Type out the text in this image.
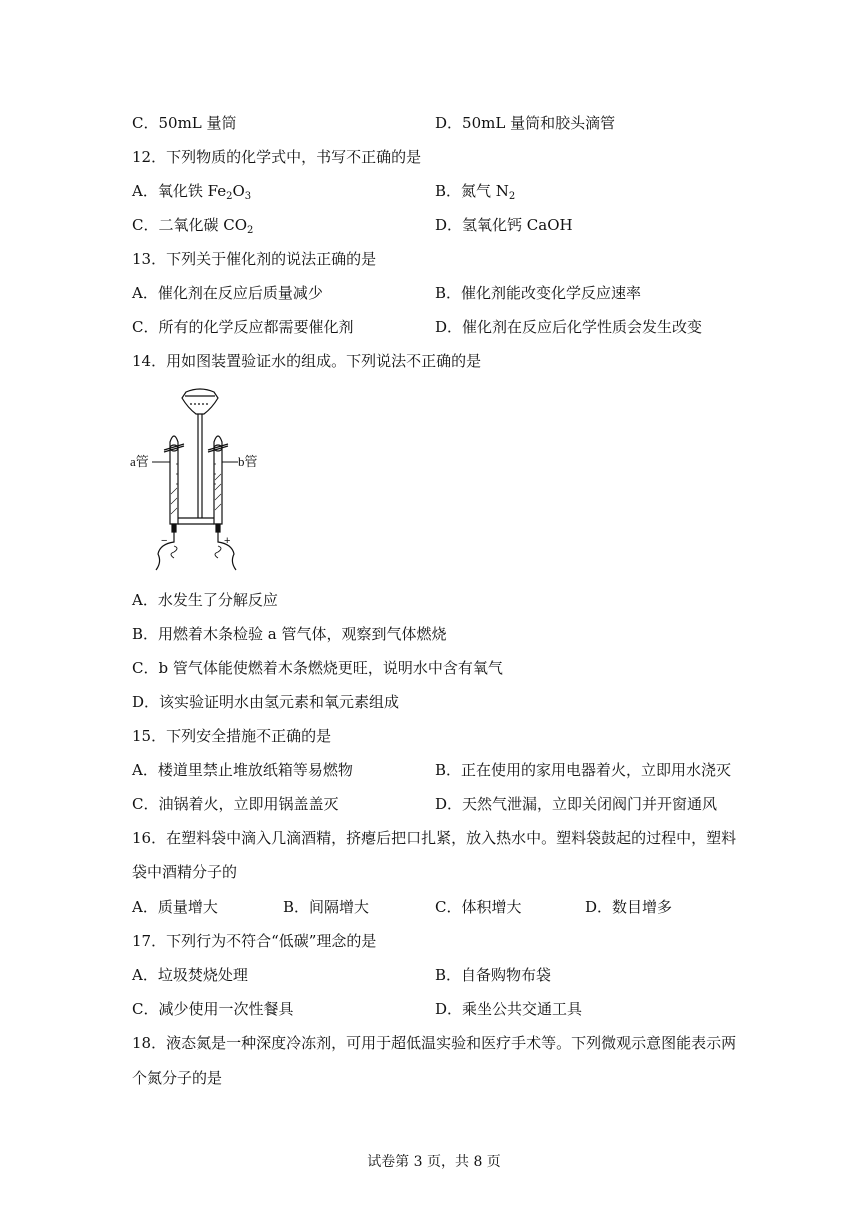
C．50mL 量筒	D．50mL 量筒和胶头滴管
12．下列物质的化学式中，书写不正确的是
A．氧化铁 $Fe_2O_3$	B．氮气 $N_2$
C．二氧化碳 $CO_2$	D．氢氧化钙 CaOH
13．下列关于催化剂的说法正确的是
A．催化剂在反应后质量减少	B．催化剂能改变化学反应速率
C．所有的化学反应都需要催化剂	D．催化剂在反应后化学性质会发生改变
14．用如图装置验证水的组成。下列说法不正确的是
a管	b管
−	+
A．水发生了分解反应
B．用燃着木条检验 a 管气体，观察到气体燃烧
C．b 管气体能使燃着木条燃烧更旺，说明水中含有氧气
D．该实验证明水由氢元素和氧元素组成
15．下列安全措施不正确的是
A．楼道里禁止堆放纸箱等易燃物	B．正在使用的家用电器着火，立即用水浇灭
C．油锅着火，立即用锅盖盖灭	D．天然气泄漏，立即关闭阀门并开窗通风
16．在塑料袋中滴入几滴酒精，挤瘪后把口扎紧，放入热水中。塑料袋鼓起的过程中，塑料
袋中酒精分子的
A．质量增大	B．间隔增大	C．体积增大	D．数目增多
17．下列行为不符合“低碳”理念的是
A．垃圾焚烧处理	B．自备购物布袋
C．减少使用一次性餐具	D．乘坐公共交通工具
18．液态氮是一种深度冷冻剂，可用于超低温实验和医疗手术等。下列微观示意图能表示两
个氮分子的是
试卷第 3 页，共 8 页
